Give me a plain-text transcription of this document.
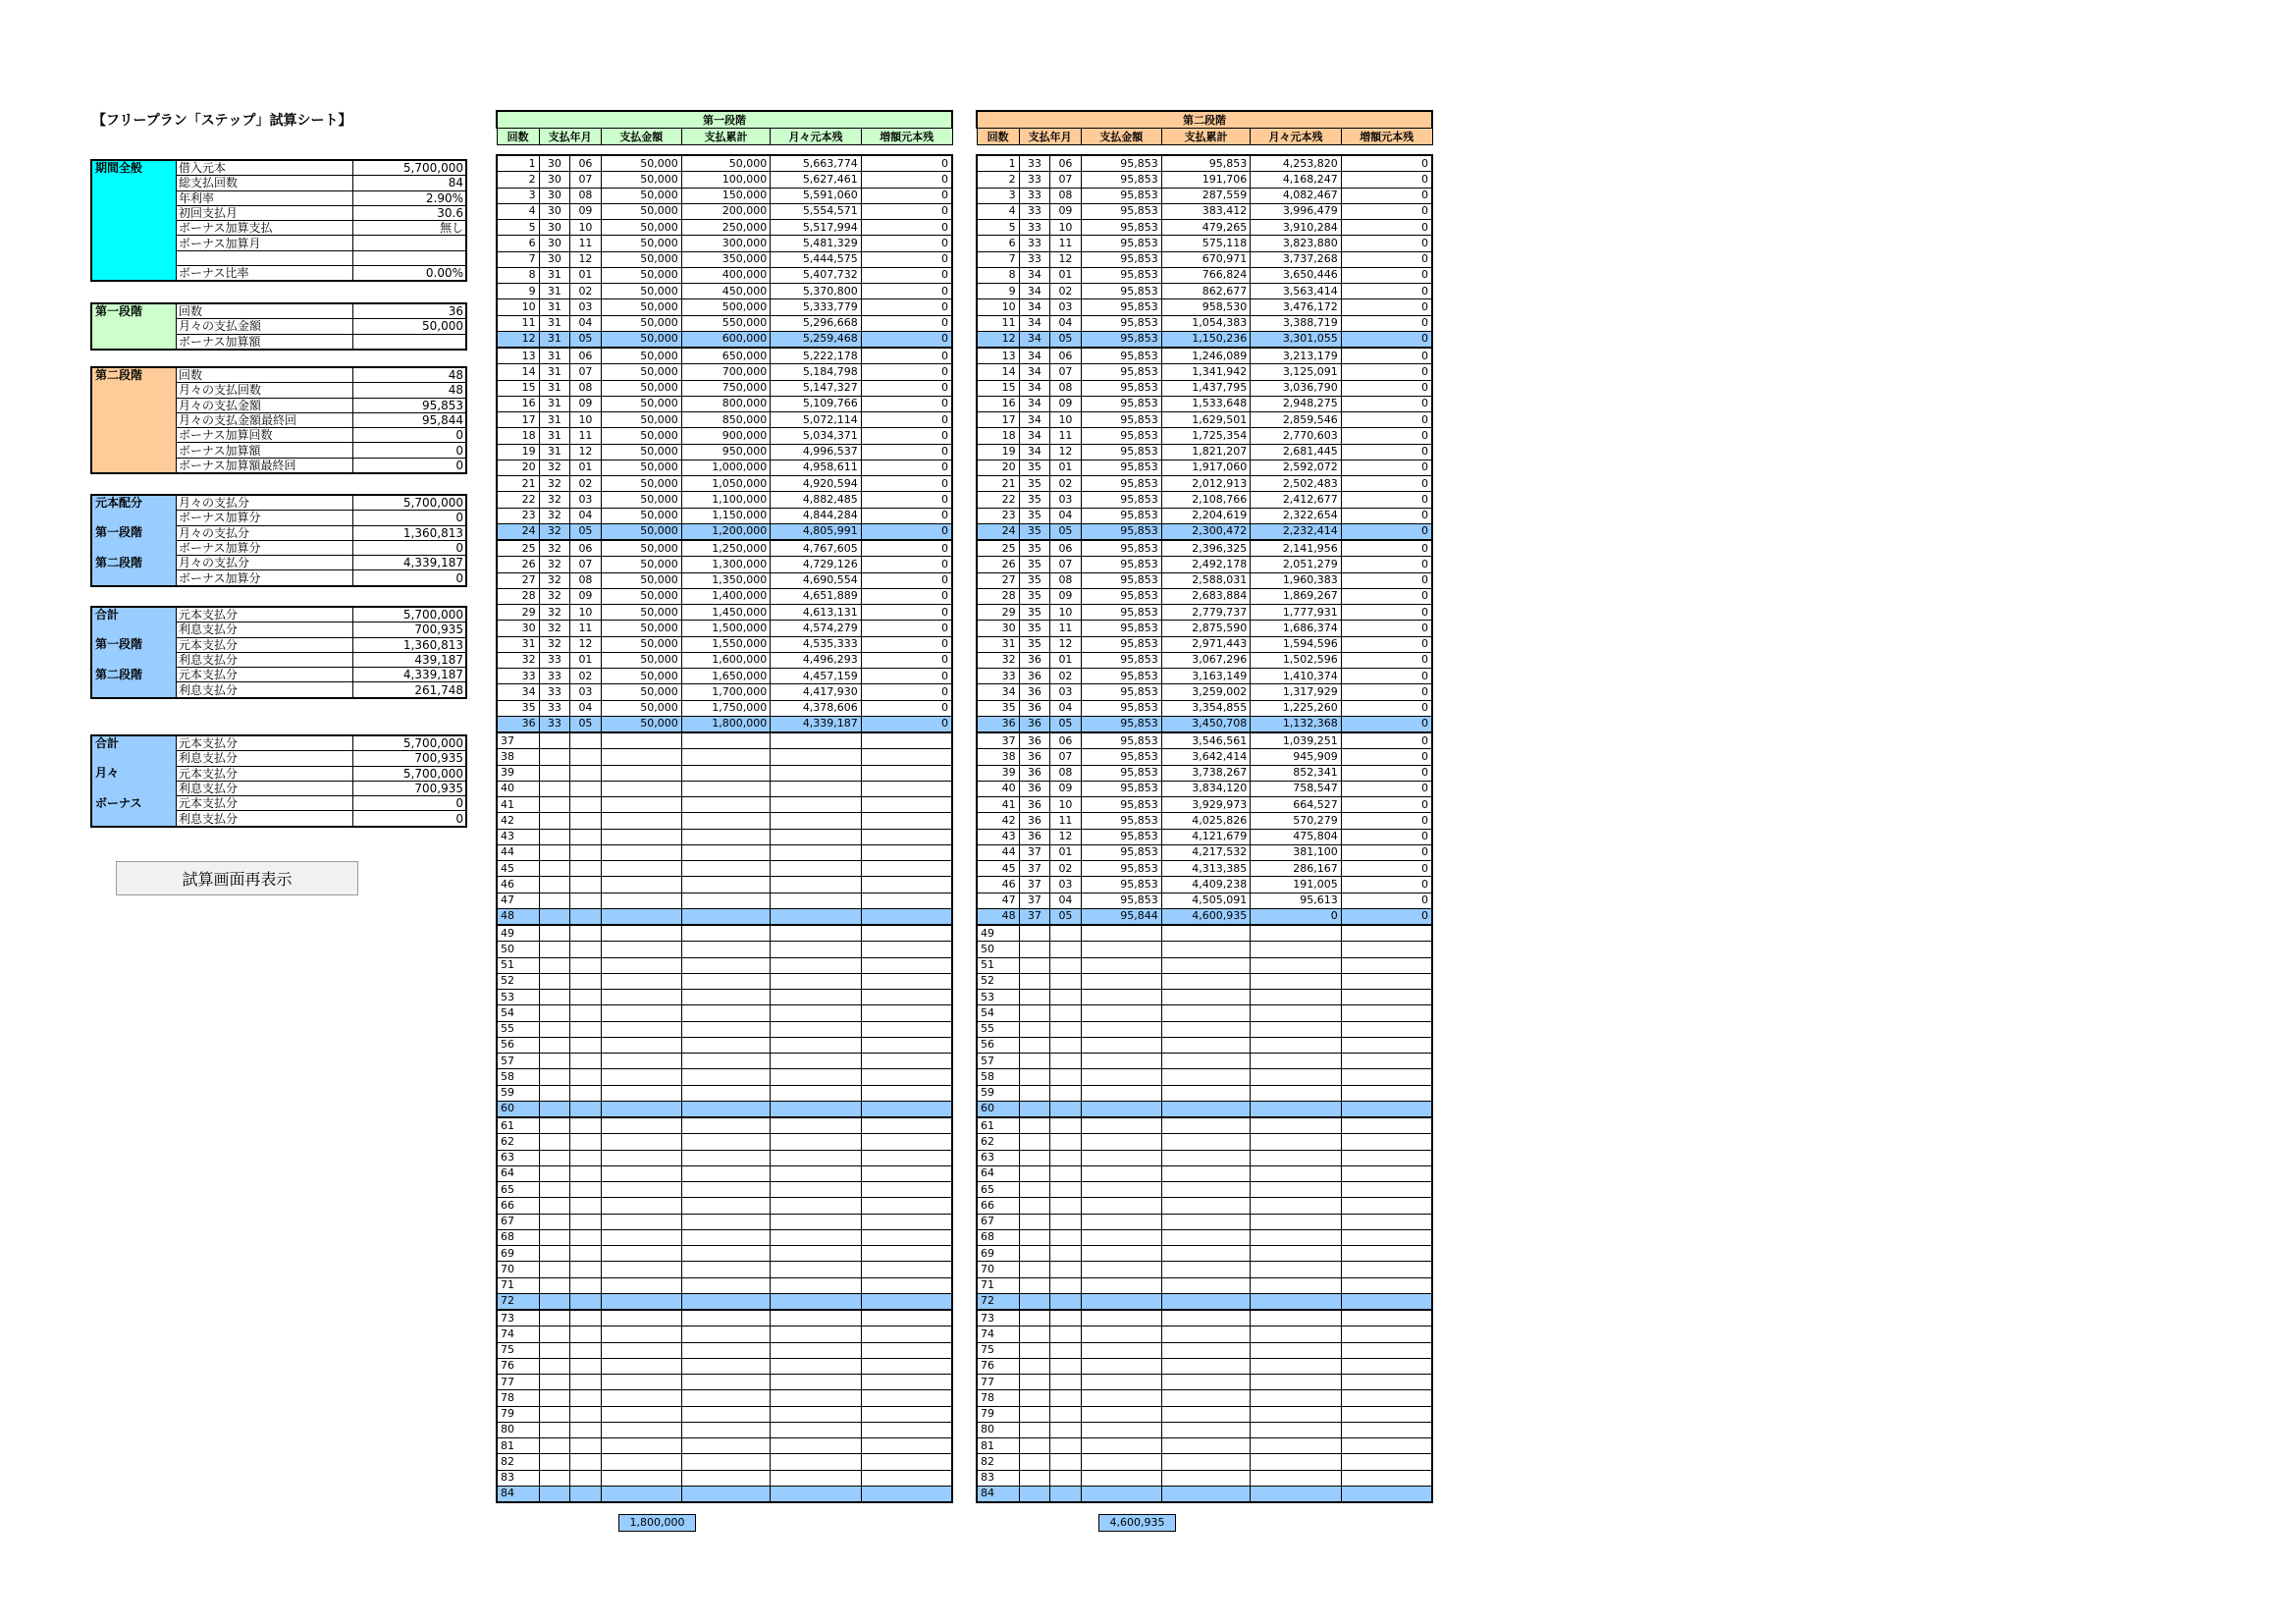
【フリープラン「ステップ」試算シート】
期間全般	借入元本	5,700,000
	総支払回数	84
	年利率	2.90%
	初回支払月	30.6
	ボーナス加算支払	無し
	ボーナス加算月	

	ボーナス比率	0.00%
第一段階	回数	36
	月々の支払金額	50,000
	ボーナス加算額	
第二段階	回数	48
	月々の支払回数	48
	月々の支払金額	95,853
	月々の支払金額最終回	95,844
	ボーナス加算回数	0
	ボーナス加算額	0
	ボーナス加算額最終回	0
元本配分	月々の支払分	5,700,000
	ボーナス加算分	0
第一段階	月々の支払分	1,360,813
	ボーナス加算分	0
第二段階	月々の支払分	4,339,187
	ボーナス加算分	0
合計	元本支払分	5,700,000
	利息支払分	700,935
第一段階	元本支払分	1,360,813
	利息支払分	439,187
第二段階	元本支払分	4,339,187
	利息支払分	261,748
合計	元本支払分	5,700,000
	利息支払分	700,935
月々	元本支払分	5,700,000
	利息支払分	700,935
ボーナス	元本支払分	0
	利息支払分	0
試算画面再表示
第一段階						
回数	支払年月		支払金額	支払累計	月々元本残	増額元本残

1	30	06	50,000	50,000	5,663,774	0
2	30	07	50,000	100,000	5,627,461	0
3	30	08	50,000	150,000	5,591,060	0
4	30	09	50,000	200,000	5,554,571	0
5	30	10	50,000	250,000	5,517,994	0
6	30	11	50,000	300,000	5,481,329	0
7	30	12	50,000	350,000	5,444,575	0
8	31	01	50,000	400,000	5,407,732	0
9	31	02	50,000	450,000	5,370,800	0
10	31	03	50,000	500,000	5,333,779	0
11	31	04	50,000	550,000	5,296,668	0
12	31	05	50,000	600,000	5,259,468	0
13	31	06	50,000	650,000	5,222,178	0
14	31	07	50,000	700,000	5,184,798	0
15	31	08	50,000	750,000	5,147,327	0
16	31	09	50,000	800,000	5,109,766	0
17	31	10	50,000	850,000	5,072,114	0
18	31	11	50,000	900,000	5,034,371	0
19	31	12	50,000	950,000	4,996,537	0
20	32	01	50,000	1,000,000	4,958,611	0
21	32	02	50,000	1,050,000	4,920,594	0
22	32	03	50,000	1,100,000	4,882,485	0
23	32	04	50,000	1,150,000	4,844,284	0
24	32	05	50,000	1,200,000	4,805,991	0
25	32	06	50,000	1,250,000	4,767,605	0
26	32	07	50,000	1,300,000	4,729,126	0
27	32	08	50,000	1,350,000	4,690,554	0
28	32	09	50,000	1,400,000	4,651,889	0
29	32	10	50,000	1,450,000	4,613,131	0
30	32	11	50,000	1,500,000	4,574,279	0
31	32	12	50,000	1,550,000	4,535,333	0
32	33	01	50,000	1,600,000	4,496,293	0
33	33	02	50,000	1,650,000	4,457,159	0
34	33	03	50,000	1,700,000	4,417,930	0
35	33	04	50,000	1,750,000	4,378,606	0
36	33	05	50,000	1,800,000	4,339,187	0
37						
38						
39						
40						
41						
42						
43						
44						
45						
46						
47						
48						
49						
50						
51						
52						
53						
54						
55						
56						
57						
58						
59						
60						
61						
62						
63						
64						
65						
66						
67						
68						
69						
70						
71						
72						
73						
74						
75						
76						
77						
78						
79						
80						
81						
82						
83						
84						
第二段階						
回数	支払年月		支払金額	支払累計	月々元本残	増額元本残

1	33	06	95,853	95,853	4,253,820	0
2	33	07	95,853	191,706	4,168,247	0
3	33	08	95,853	287,559	4,082,467	0
4	33	09	95,853	383,412	3,996,479	0
5	33	10	95,853	479,265	3,910,284	0
6	33	11	95,853	575,118	3,823,880	0
7	33	12	95,853	670,971	3,737,268	0
8	34	01	95,853	766,824	3,650,446	0
9	34	02	95,853	862,677	3,563,414	0
10	34	03	95,853	958,530	3,476,172	0
11	34	04	95,853	1,054,383	3,388,719	0
12	34	05	95,853	1,150,236	3,301,055	0
13	34	06	95,853	1,246,089	3,213,179	0
14	34	07	95,853	1,341,942	3,125,091	0
15	34	08	95,853	1,437,795	3,036,790	0
16	34	09	95,853	1,533,648	2,948,275	0
17	34	10	95,853	1,629,501	2,859,546	0
18	34	11	95,853	1,725,354	2,770,603	0
19	34	12	95,853	1,821,207	2,681,445	0
20	35	01	95,853	1,917,060	2,592,072	0
21	35	02	95,853	2,012,913	2,502,483	0
22	35	03	95,853	2,108,766	2,412,677	0
23	35	04	95,853	2,204,619	2,322,654	0
24	35	05	95,853	2,300,472	2,232,414	0
25	35	06	95,853	2,396,325	2,141,956	0
26	35	07	95,853	2,492,178	2,051,279	0
27	35	08	95,853	2,588,031	1,960,383	0
28	35	09	95,853	2,683,884	1,869,267	0
29	35	10	95,853	2,779,737	1,777,931	0
30	35	11	95,853	2,875,590	1,686,374	0
31	35	12	95,853	2,971,443	1,594,596	0
32	36	01	95,853	3,067,296	1,502,596	0
33	36	02	95,853	3,163,149	1,410,374	0
34	36	03	95,853	3,259,002	1,317,929	0
35	36	04	95,853	3,354,855	1,225,260	0
36	36	05	95,853	3,450,708	1,132,368	0
37	36	06	95,853	3,546,561	1,039,251	0
38	36	07	95,853	3,642,414	945,909	0
39	36	08	95,853	3,738,267	852,341	0
40	36	09	95,853	3,834,120	758,547	0
41	36	10	95,853	3,929,973	664,527	0
42	36	11	95,853	4,025,826	570,279	0
43	36	12	95,853	4,121,679	475,804	0
44	37	01	95,853	4,217,532	381,100	0
45	37	02	95,853	4,313,385	286,167	0
46	37	03	95,853	4,409,238	191,005	0
47	37	04	95,853	4,505,091	95,613	0
48	37	05	95,844	4,600,935	0	0
49						
50						
51						
52						
53						
54						
55						
56						
57						
58						
59						
60						
61						
62						
63						
64						
65						
66						
67						
68						
69						
70						
71						
72						
73						
74						
75						
76						
77						
78						
79						
80						
81						
82						
83						
84						
1,800,000	4,600,935
